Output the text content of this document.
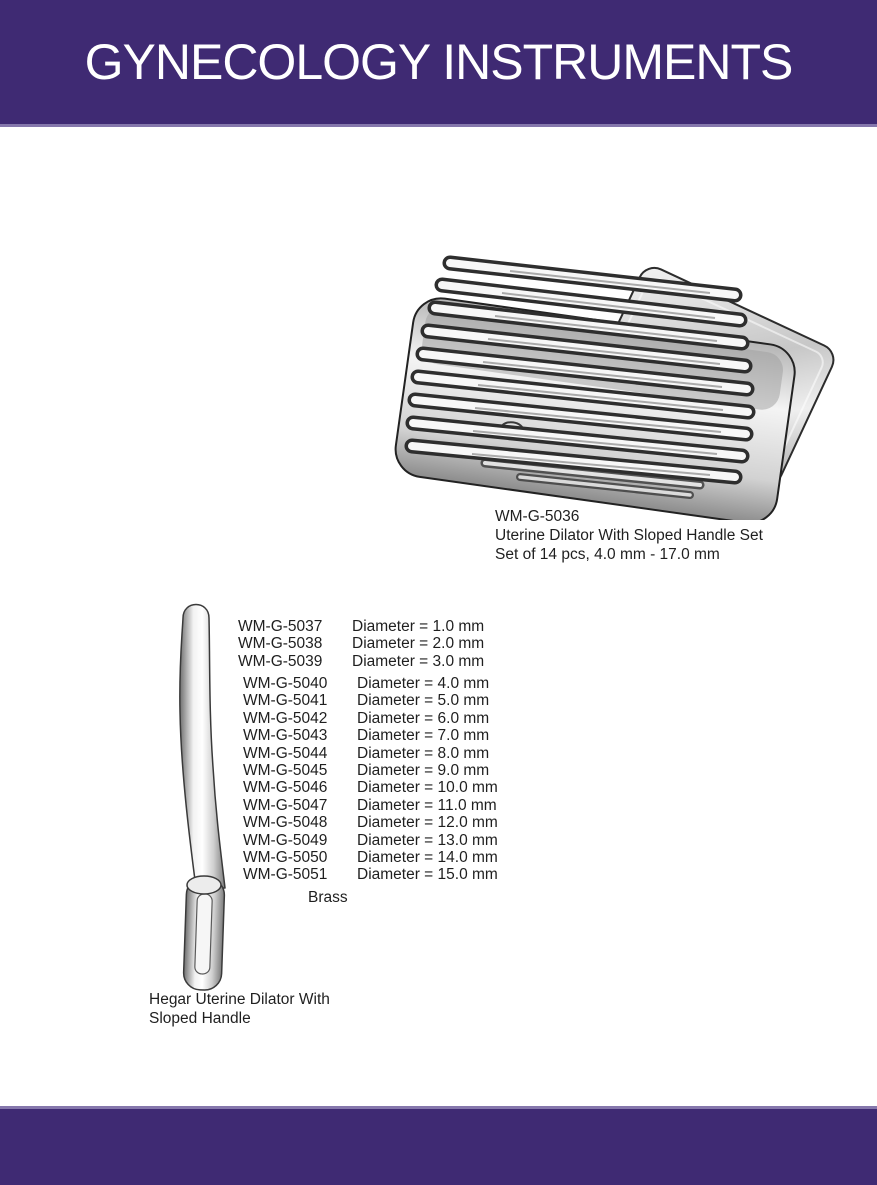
GYNECOLOGY INSTRUMENTS
WM-G-5036
Uterine Dilator With Sloped Handle Set
Set of 14 pcs, 4.0 mm - 17.0 mm
WM-G-5037	Diameter = 1.0 mm
WM-G-5038	Diameter = 2.0 mm
WM-G-5039	Diameter = 3.0 mm
WM-G-5040	Diameter = 4.0 mm
WM-G-5041	Diameter = 5.0 mm
WM-G-5042	Diameter = 6.0 mm
WM-G-5043	Diameter = 7.0 mm
WM-G-5044	Diameter = 8.0 mm
WM-G-5045	Diameter = 9.0 mm
WM-G-5046	Diameter = 10.0 mm
WM-G-5047	Diameter = 11.0 mm
WM-G-5048	Diameter = 12.0 mm
WM-G-5049	Diameter = 13.0 mm
WM-G-5050	Diameter = 14.0 mm
WM-G-5051	Diameter = 15.0 mm
Brass
Hegar Uterine Dilator With
Sloped Handle
